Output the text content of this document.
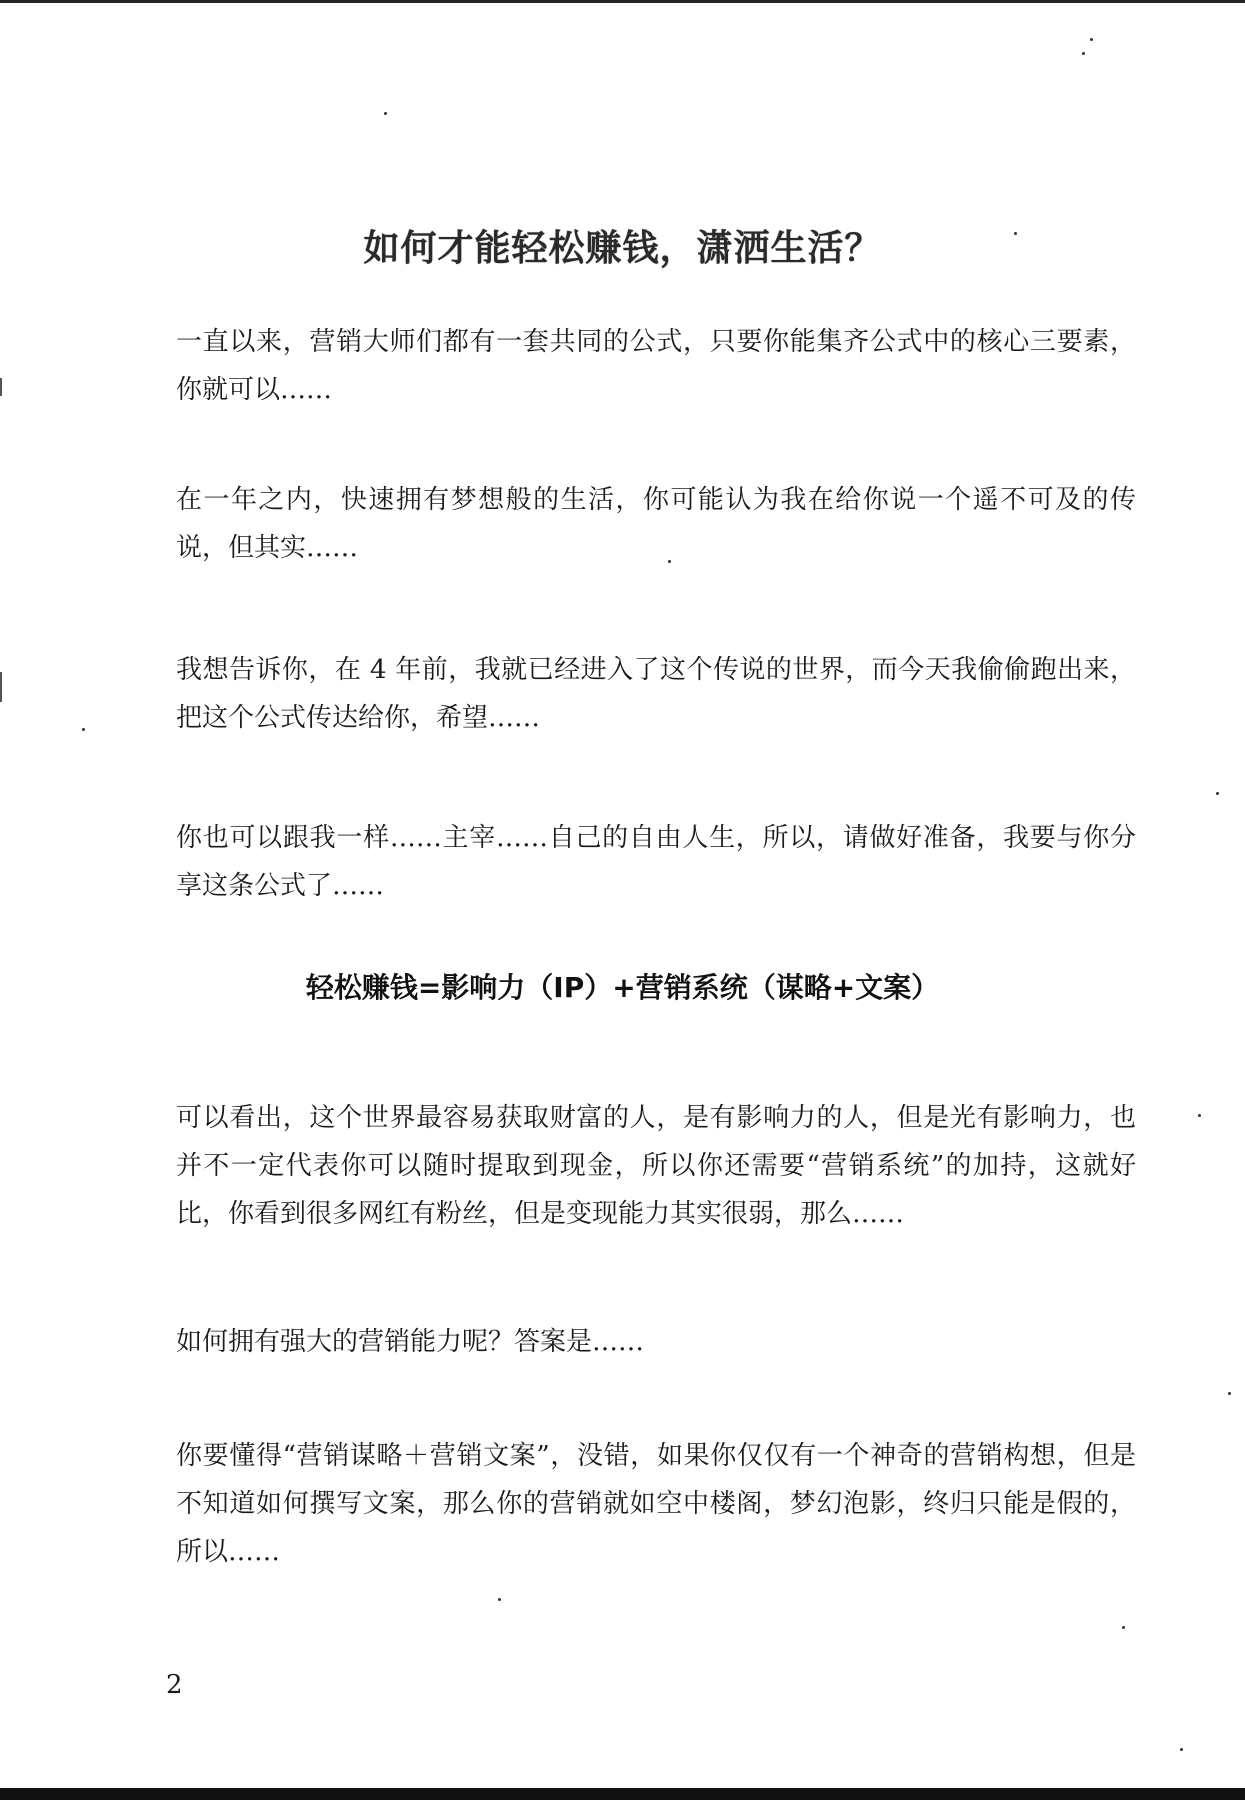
如何才能轻松赚钱，潇洒生活？

一直以来，营销大师们都有一套共同的公式，只要你能集齐公式中的核心三要素，你就可以……

在一年之内，快速拥有梦想般的生活，你可能认为我在给你说一个遥不可及的传说，但其实……

我想告诉你，在 4 年前，我就已经进入了这个传说的世界，而今天我偷偷跑出来，把这个公式传达给你，希望……

你也可以跟我一样……主宰……自己的自由人生，所以，请做好准备，我要与你分享这条公式了……

轻松赚钱=影响力（IP）+营销系统（谋略+文案）

可以看出，这个世界最容易获取财富的人，是有影响力的人，但是光有影响力，也并不一定代表你可以随时提取到现金，所以你还需要“营销系统”的加持，这就好比，你看到很多网红有粉丝，但是变现能力其实很弱，那么……

如何拥有强大的营销能力呢？答案是……

你要懂得“营销谋略＋营销文案”，没错，如果你仅仅有一个神奇的营销构想，但是不知道如何撰写文案，那么你的营销就如空中楼阁，梦幻泡影，终归只能是假的，所以……

2
